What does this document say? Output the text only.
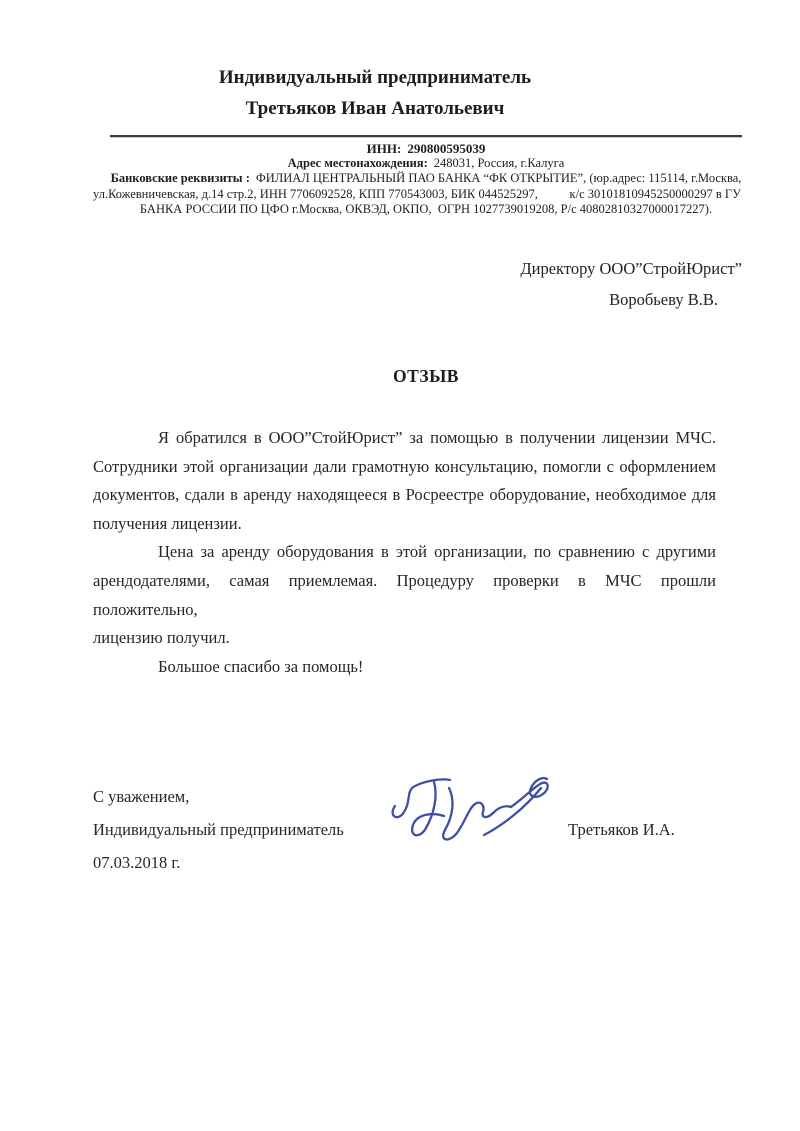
Индивидуальный предприниматель
Третьяков Иван Анатольевич
ИНН: 290800595039
Адрес местонахождения: 248031, Россия, г.Калуга
Банковские реквизиты : ФИЛИАЛ ЦЕНТРАЛЬНЫЙ ПАО БАНКА “ФК ОТКРЫТИЕ”, (юр.адрес: 115114, г.Москва,
ул.Кожевничевская, д.14 стр.2, ИНН 7706092528, КПП 770543003, БИК 044525297,	к/с 30101810945250000297 в ГУ
БАНКА РОССИИ ПО ЦФО г.Москва, ОКВЭД, ОКПО,  ОГРН 1027739019208, Р/с 40802810327000017227).
Директору ООО”СтройЮрист”
Воробьеву В.В.
ОТЗЫВ
Я обратился в ООО”СтойЮрист” за помощью в получении лицензии МЧС.
Сотрудники этой организации дали грамотную консультацию, помогли с оформлением
документов, сдали в аренду находящееся в Росреестре оборудование, необходимое для
получения лицензии.
Цена за аренду оборудования в этой организации, по сравнению с другими
арендодателями, самая приемлемая. Процедуру проверки в МЧС прошли положительно,
лицензию получил.
Большое спасибо за помощь!
С уважением,
Индивидуальный предприниматель	Третьяков И.А.
07.03.2018 г.
